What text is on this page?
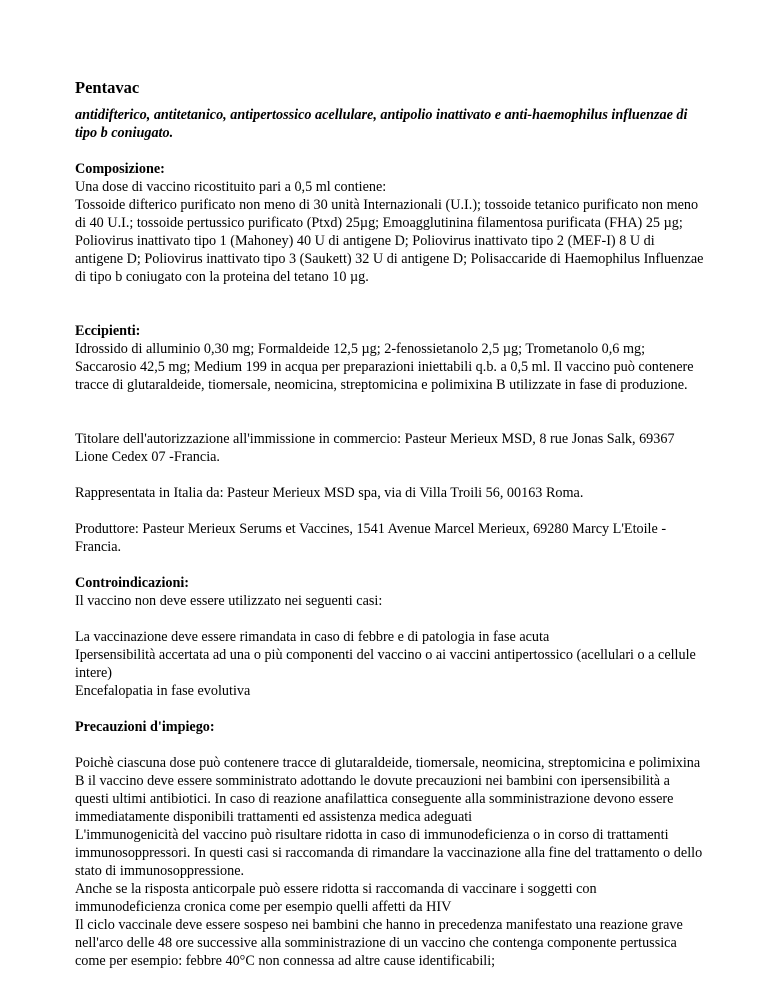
Pentavac

antidifterico, antitetanico, antipertossico acellulare, antipolio inattivato e anti-haemophilus influenzae di tipo b coniugato.

Composizione:
Una dose di vaccino ricostituito pari a 0,5 ml contiene:
Tossoide difterico purificato non meno di 30 unità Internazionali (U.I.); tossoide tetanico purificato non meno di 40 U.I.; tossoide pertussico purificato (Ptxd) 25µg; Emoagglutinina filamentosa purificata (FHA) 25 µg; Poliovirus inattivato tipo 1 (Mahoney) 40 U di antigene D; Poliovirus inattivato tipo 2 (MEF-I) 8 U di antigene D; Poliovirus inattivato tipo 3 (Saukett) 32 U di antigene D; Polisaccaride di Haemophilus Influenzae di tipo b coniugato con la proteina del tetano 10 µg.
Eccipienti:
Idrossido di alluminio 0,30 mg; Formaldeide 12,5 µg; 2-fenossietanolo 2,5 µg; Trometanolo 0,6 mg; Saccarosio 42,5 mg; Medium 199 in acqua per preparazioni iniettabili q.b. a 0,5 ml. Il vaccino può contenere tracce di glutaraldeide, tiomersale, neomicina, streptomicina e polimixina B utilizzate in fase di produzione.

Titolare dell'autorizzazione all'immissione in commercio: Pasteur Merieux MSD, 8 rue Jonas Salk, 69367 Lione Cedex 07 -Francia.

Rappresentata in Italia da: Pasteur Merieux MSD spa, via di Villa Troili 56, 00163 Roma.

Produttore: Pasteur Merieux Serums et Vaccines, 1541 Avenue Marcel Merieux, 69280 Marcy L'Etoile - Francia.

Controindicazioni:
Il vaccino non deve essere utilizzato nei seguenti casi:
La vaccinazione deve essere rimandata in caso di febbre e di patologia in fase acuta
Ipersensibilità accertata ad una o più componenti del vaccino o ai vaccini antipertossico (acellulari o a cellule intere)
Encefalopatia in fase evolutiva
Precauzioni d'impiego:
Poichè ciascuna dose può contenere tracce di glutaraldeide, tiomersale, neomicina, streptomicina e polimixina B il vaccino deve essere somministrato adottando le dovute precauzioni nei bambini con ipersensibilità a questi ultimi antibiotici. In caso di reazione anafilattica conseguente alla somministrazione devono essere immediatamente disponibili trattamenti ed assistenza medica adeguati
L'immunogenicità del vaccino può risultare ridotta in caso di immunodeficienza o in corso di trattamenti immunosoppressori. In questi casi si raccomanda di rimandare la vaccinazione alla fine del trattamento o dello stato di immunosoppressione.
Anche se la risposta anticorpale può essere ridotta si raccomanda di vaccinare i soggetti con immunodeficienza cronica come per esempio quelli affetti da HIV
Il ciclo vaccinale deve essere sospeso nei bambini che hanno in precedenza manifestato una reazione grave nell'arco delle 48 ore successive alla somministrazione di un vaccino che contenga componente pertussica come per esempio: febbre 40°C non connessa ad altre cause identificabili;
